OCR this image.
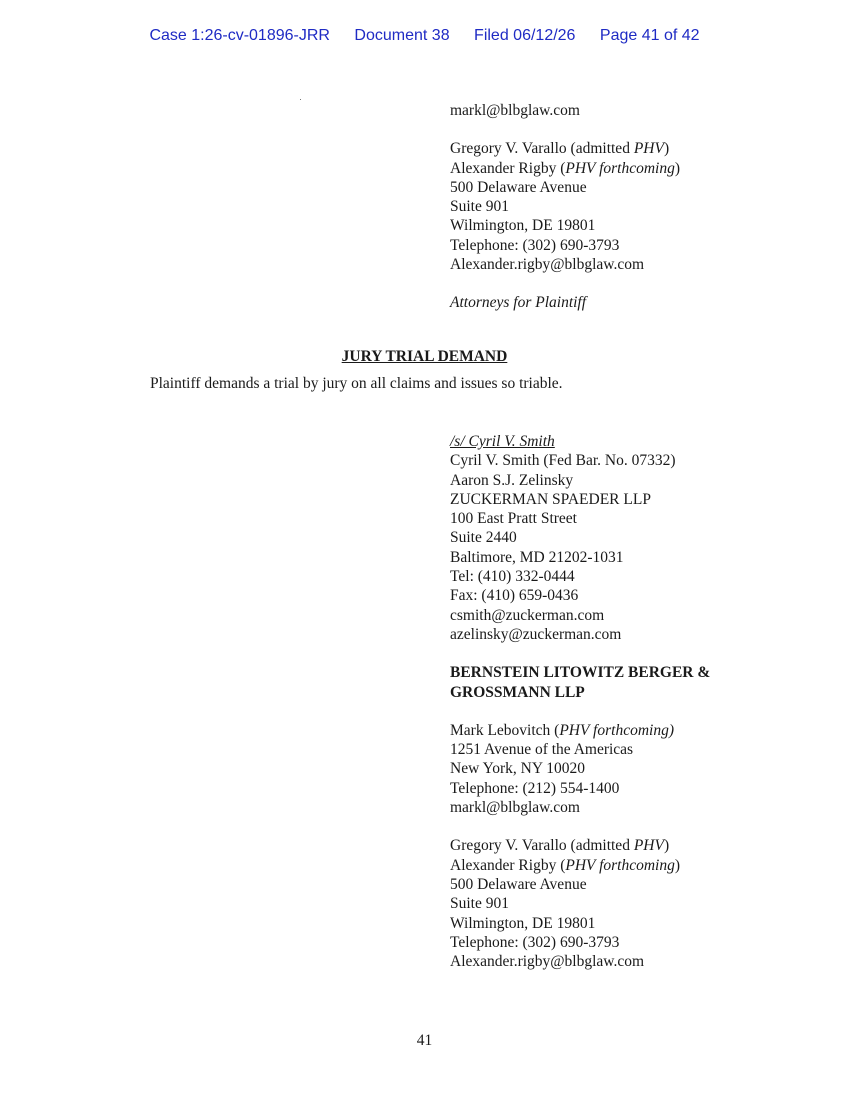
Case 1:26-cv-01896-JRR Document 38 Filed 06/12/26 Page 41 of 42
markl@blbglaw.com
Gregory V. Varallo (admitted PHV)
Alexander Rigby (PHV forthcoming)
500 Delaware Avenue
Suite 901
Wilmington, DE 19801
Telephone: (302) 690-3793
Alexander.rigby@blbglaw.com
Attorneys for Plaintiff
JURY TRIAL DEMAND
Plaintiff demands a trial by jury on all claims and issues so triable.
/s/ Cyril V. Smith
Cyril V. Smith (Fed Bar. No. 07332)
Aaron S.J. Zelinsky
ZUCKERMAN SPAEDER LLP
100 East Pratt Street
Suite 2440
Baltimore, MD 21202-1031
Tel: (410) 332-0444
Fax: (410) 659-0436
csmith@zuckerman.com
azelinsky@zuckerman.com
BERNSTEIN LITOWITZ BERGER &
GROSSMANN LLP
Mark Lebovitch (PHV forthcoming)
1251 Avenue of the Americas
New York, NY 10020
Telephone: (212) 554-1400
markl@blbglaw.com
Gregory V. Varallo (admitted PHV)
Alexander Rigby (PHV forthcoming)
500 Delaware Avenue
Suite 901
Wilmington, DE 19801
Telephone: (302) 690-3793
Alexander.rigby@blbglaw.com
41
